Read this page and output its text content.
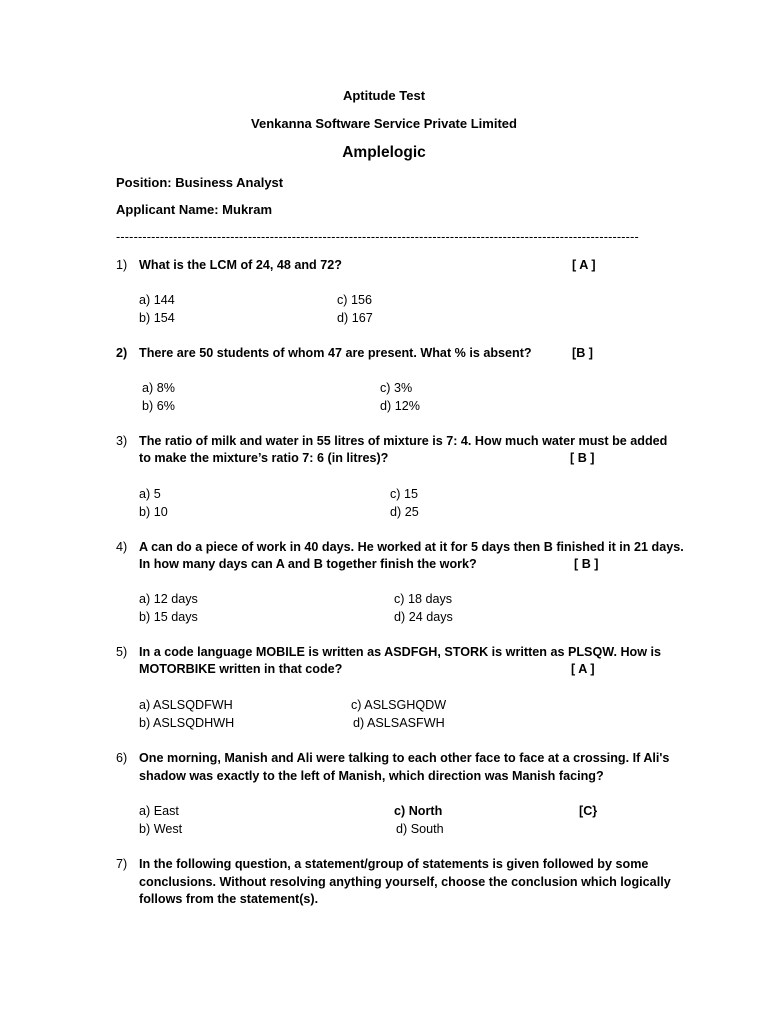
Aptitude Test
Venkanna Software Service Private Limited
Amplelogic
Position: Business Analyst
Applicant Name: Mukram
-----------------------------------------------------------------------------------------------------------------------
1) What is the LCM of 24, 48 and 72?	[ A ]
a) 144
b) 154
c) 156
d) 167
2) There are 50 students of whom 47 are present. What % is absent?	[B ]
a) 8%
b) 6%
c) 3%
d) 12%
3) The ratio of milk and water in 55 litres of mixture is 7: 4. How much water must be added
to make the mixture’s ratio 7: 6 (in litres)?	[ B ]
a) 5
b) 10
c) 15
d) 25
4) A can do a piece of work in 40 days. He worked at it for 5 days then B finished it in 21 days.
In how many days can A and B together finish the work?	[ B ]
a) 12 days
b) 15 days
c) 18 days
d) 24 days
5) In a code language MOBILE is written as ASDFGH, STORK is written as PLSQW. How is
MOTORBIKE written in that code?	[ A ]
a) ASLSQDFWH
b) ASLSQDHWH
c) ASLSGHQDW
d) ASLSASFWH
6) One morning, Manish and Ali were talking to each other face to face at a crossing. If Ali's
shadow was exactly to the left of Manish, which direction was Manish facing?
a) East
b) West
c) North
d) South
[C}
7) In the following question, a statement/group of statements is given followed by some
conclusions. Without resolving anything yourself, choose the conclusion which logically
follows from the statement(s).
